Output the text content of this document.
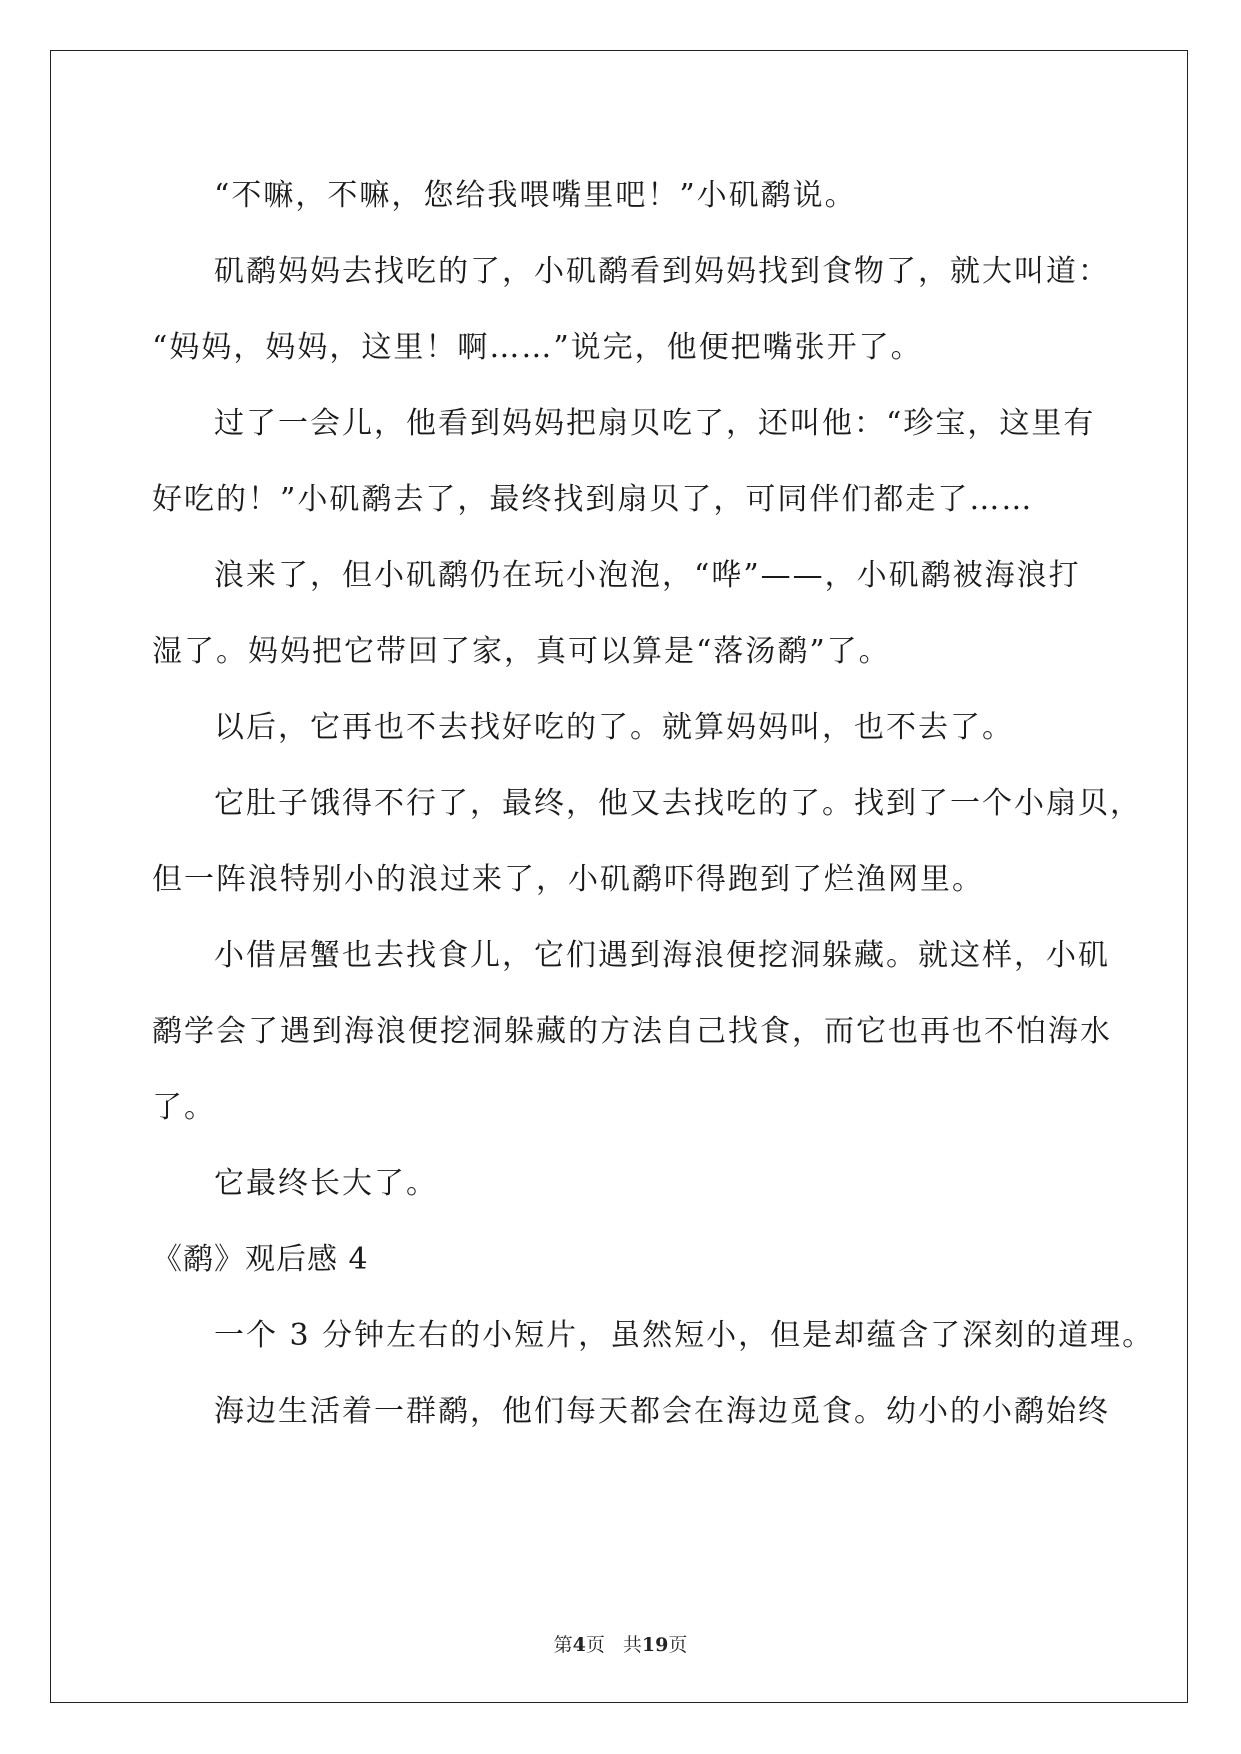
“不嘛，不嘛，您给我喂嘴里吧！”小矶鹬说。

矶鹬妈妈去找吃的了，小矶鹬看到妈妈找到食物了，就大叫道：

“妈妈，妈妈，这里！啊……”说完，他便把嘴张开了。

过了一会儿，他看到妈妈把扇贝吃了，还叫他：“珍宝，这里有

好吃的！”小矶鹬去了，最终找到扇贝了，可同伴们都走了……

浪来了，但小矶鹬仍在玩小泡泡，“哗”——，小矶鹬被海浪打

湿了。妈妈把它带回了家，真可以算是“落汤鹬”了。

以后，它再也不去找好吃的了。就算妈妈叫，也不去了。

它肚子饿得不行了，最终，他又去找吃的了。找到了一个小扇贝，

但一阵浪特别小的浪过来了，小矶鹬吓得跑到了烂渔网里。

小借居蟹也去找食儿，它们遇到海浪便挖洞躲藏。就这样，小矶

鹬学会了遇到海浪便挖洞躲藏的方法自己找食，而它也再也不怕海水

了。

它最终长大了。

《鹬》观后感 4

一个 3 分钟左右的小短片，虽然短小，但是却蕴含了深刻的道理。

海边生活着一群鹬，他们每天都会在海边觅食。幼小的小鹬始终

第4页 共19页
